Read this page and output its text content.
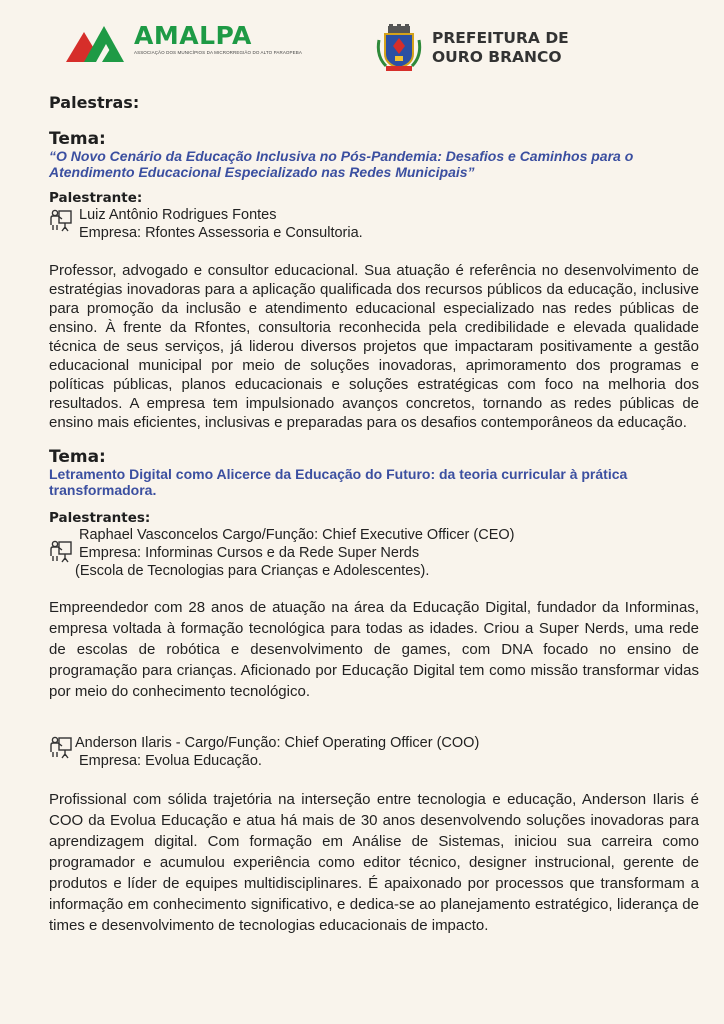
AMALPA
ASSOCIAÇÃO DOS MUNICÍPIOS DA MICRORREGIÃO DO ALTO PARAOPEBA
PREFEITURA DE
OURO BRANCO
Palestras:
Tema:
“O Novo Cenário da Educação Inclusiva no Pós-Pandemia: Desafios e Caminhos para o Atendimento Educacional Especializado nas Redes Municipais”
Palestrante:
Luiz Antônio Rodrigues Fontes
Empresa: Rfontes Assessoria e Consultoria.
Professor, advogado e consultor educacional. Sua atuação é referência no desenvolvimento de estratégias inovadoras para a aplicação qualificada dos recursos públicos da educação, inclusive para promoção da inclusão e atendimento educacional especializado nas redes públicas de ensino. À frente da Rfontes, consultoria reconhecida pela credibilidade e elevada qualidade técnica de seus serviços, já liderou diversos projetos que impactaram positivamente a gestão educacional municipal por meio de soluções inovadoras, aprimoramento dos programas e políticas públicas, planos educacionais e soluções estratégicas com foco na melhoria dos resultados. A empresa tem impulsionado avanços concretos, tornando as redes públicas de ensino mais eficientes, inclusivas e preparadas para os desafios contemporâneos da educação.
Tema:
Letramento Digital como Alicerce da Educação do Futuro: da teoria curricular à prática transformadora.
Palestrantes:
Raphael Vasconcelos Cargo/Função: Chief Executive Officer (CEO)
Empresa: Informinas Cursos e da Rede Super Nerds
(Escola de Tecnologias para Crianças e Adolescentes).
Empreendedor com 28 anos de atuação na área da Educação Digital, fundador da Informinas, empresa voltada à formação tecnológica para todas as idades. Criou a Super Nerds, uma rede de escolas de robótica e desenvolvimento de games, com DNA focado no ensino de programação para crianças. Aficionado por Educação Digital tem como missão transformar vidas por meio do conhecimento tecnológico.
Anderson Ilaris - Cargo/Função: Chief Operating Officer (COO)
Empresa: Evolua Educação.
Profissional com sólida trajetória na interseção entre tecnologia e educação, Anderson Ilaris é COO da Evolua Educação e atua há mais de 30 anos desenvolvendo soluções inovadoras para aprendizagem digital. Com formação em Análise de Sistemas, iniciou sua carreira como programador e acumulou experiência como editor técnico, designer instrucional, gerente de produtos e líder de equipes multidisciplinares. É apaixonado por processos que transformam a informação em conhecimento significativo, e dedica-se ao planejamento estratégico, liderança de times e desenvolvimento de tecnologias educacionais de impacto.
